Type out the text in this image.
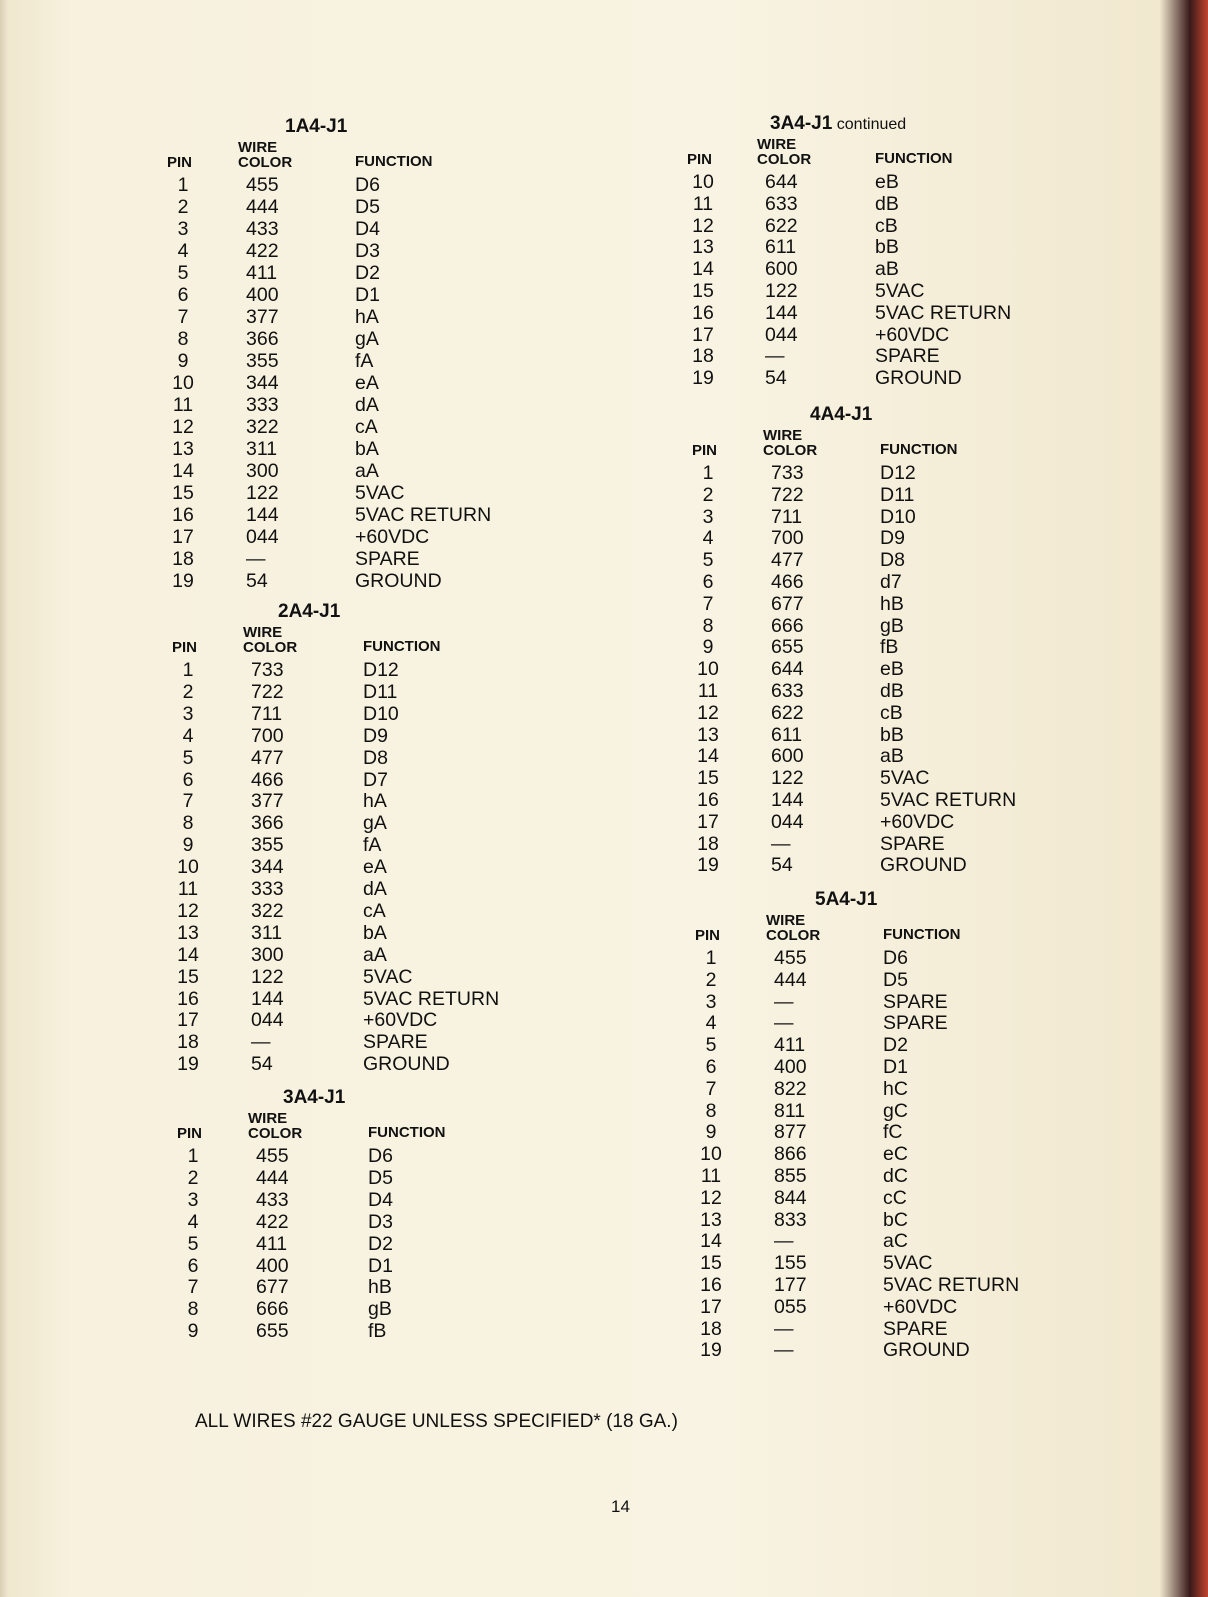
1A4-J1
WIRE
PIN	COLOR	FUNCTION
1	455	D6
2	444	D5
3	433	D4
4	422	D3
5	411	D2
6	400	D1
7	377	hA
8	366	gA
9	355	fA
10	344	eA
11	333	dA
12	322	cA
13	311	bA
14	300	aA
15	122	5VAC
16	144	5VAC RETURN
17	044	+60VDC
18	—	SPARE
19	54	GROUND
2A4-J1
WIRE
PIN	COLOR	FUNCTION
1	733	D12
2	722	D11
3	711	D10
4	700	D9
5	477	D8
6	466	D7
7	377	hA
8	366	gA
9	355	fA
10	344	eA
11	333	dA
12	322	cA
13	311	bA
14	300	aA
15	122	5VAC
16	144	5VAC RETURN
17	044	+60VDC
18	—	SPARE
19	54	GROUND
3A4-J1
WIRE
PIN	COLOR	FUNCTION
1	455	D6
2	444	D5
3	433	D4
4	422	D3
5	411	D2
6	400	D1
7	677	hB
8	666	gB
9	655	fB
3A4-J1 continued
WIRE
PIN	COLOR	FUNCTION
10	644	eB
11	633	dB
12	622	cB
13	611	bB
14	600	aB
15	122	5VAC
16	144	5VAC RETURN
17	044	+60VDC
18	—	SPARE
19	54	GROUND
4A4-J1
WIRE
PIN	COLOR	FUNCTION
1	733	D12
2	722	D11
3	711	D10
4	700	D9
5	477	D8
6	466	d7
7	677	hB
8	666	gB
9	655	fB
10	644	eB
11	633	dB
12	622	cB
13	611	bB
14	600	aB
15	122	5VAC
16	144	5VAC RETURN
17	044	+60VDC
18	—	SPARE
19	54	GROUND
5A4-J1
WIRE
PIN	COLOR	FUNCTION
1	455	D6
2	444	D5
3	—	SPARE
4	—	SPARE
5	411	D2
6	400	D1
7	822	hC
8	811	gC
9	877	fC
10	866	eC
11	855	dC
12	844	cC
13	833	bC
14	—	aC
15	155	5VAC
16	177	5VAC RETURN
17	055	+60VDC
18	—	SPARE
19	—	GROUND
ALL WIRES #22 GAUGE UNLESS SPECIFIED* (18 GA.)
14
